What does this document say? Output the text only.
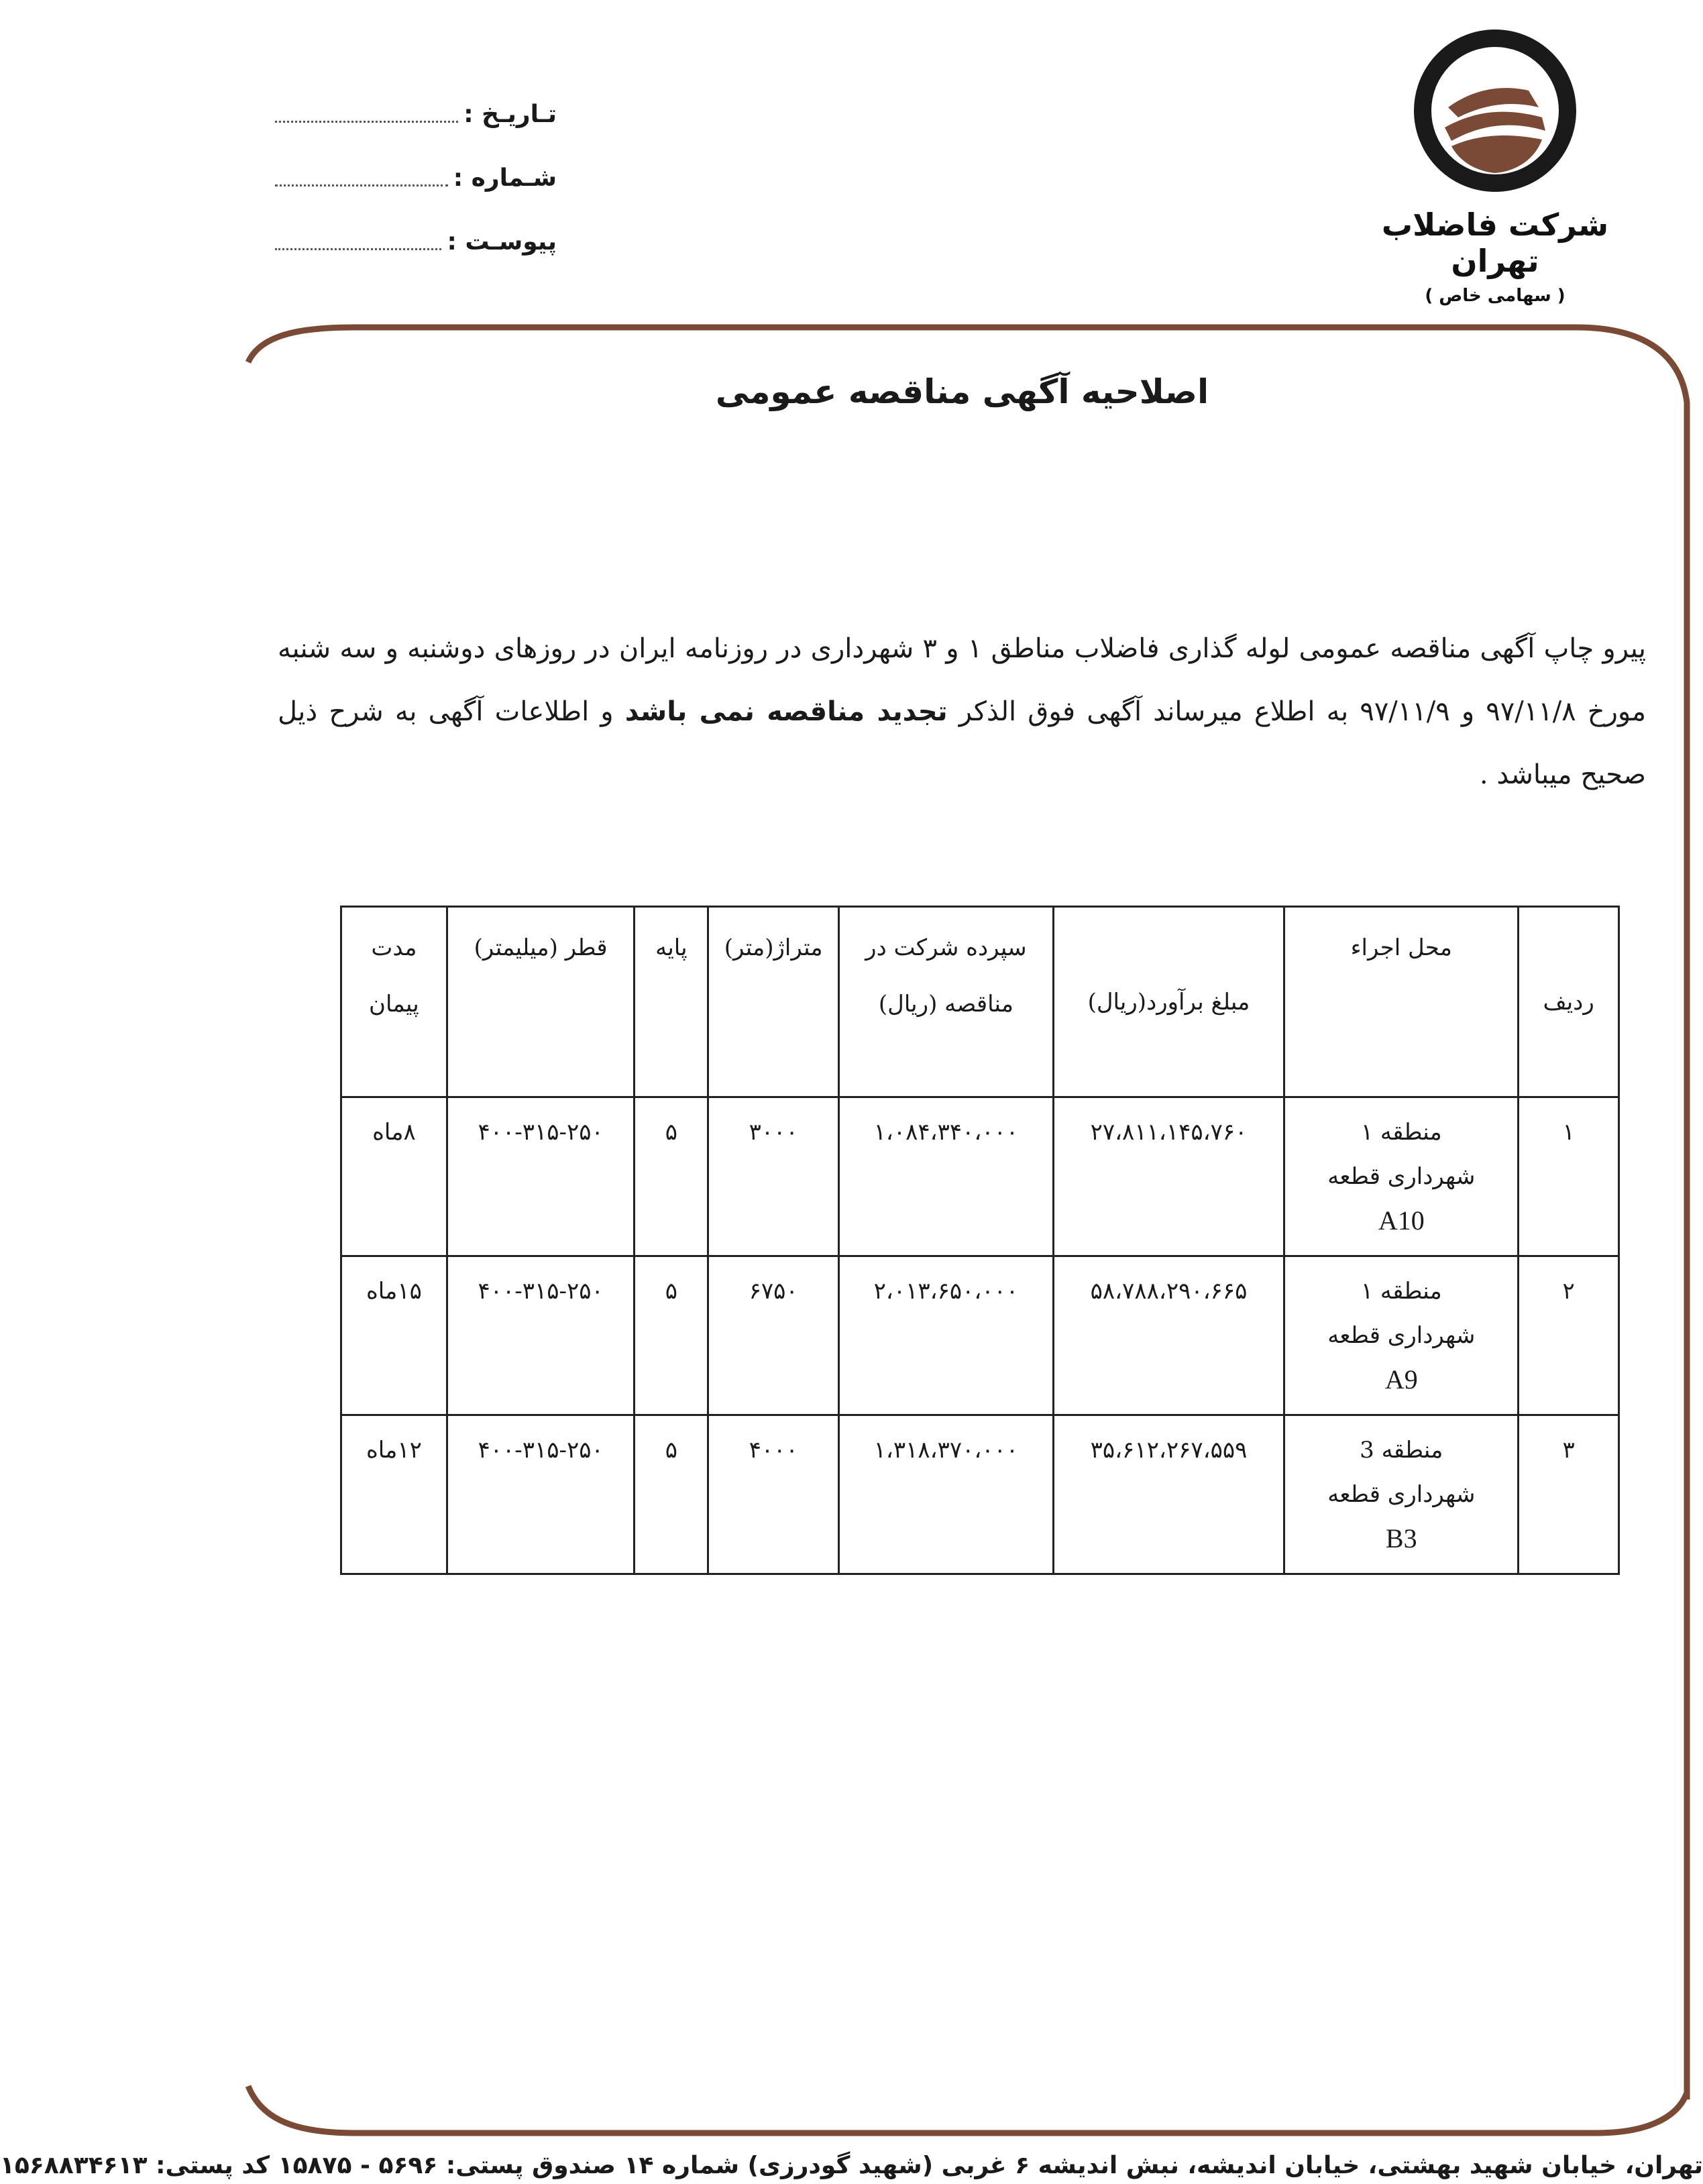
شرکت فاضلاب تهران
( سهامی خاص )
تـاریـخ :
شـماره :
پیوسـت :
اصلاحیه آگهی مناقصه عمومی
پیرو چاپ آگهی مناقصه عمومی لوله گذاری فاضلاب مناطق ۱ و ۳ شهرداری در روزنامه ایران در روزهای دوشنبه و سه شنبه مورخ ۹۷/۱۱/۸ و ۹۷/۱۱/۹ به اطلاع میرساند آگهی فوق الذکر تجدید مناقصه نمی باشد و اطلاعات آگهی به شرح ذیل صحیح میباشد .
ردیف	محل اجراء	مبلغ برآورد(ریال)	سپرده شرکت در مناقصه (ریال)	متراژ(متر)	پایه	قطر (میلیمتر)	مدت پیمان
۱	منطقه ۱
شهرداری قطعه
A10	۲۷،۸۱۱،۱۴۵،۷۶۰	۱،۰۸۴،۳۴۰،۰۰۰	۳۰۰۰	۵	۴۰۰-۳۱۵-۲۵۰	۸ماه
۲	منطقه ۱
شهرداری قطعه
A9	۵۸،۷۸۸،۲۹۰،۶۶۵	۲،۰۱۳،۶۵۰،۰۰۰	۶۷۵۰	۵	۴۰۰-۳۱۵-۲۵۰	۱۵ماه
۳	منطقه 3
شهرداری قطعه
B3	۳۵،۶۱۲،۲۶۷،۵۵۹	۱،۳۱۸،۳۷۰،۰۰۰	۴۰۰۰	۵	۴۰۰-۳۱۵-۲۵۰	۱۲ماه
تهران، خیابان شهید بهشتی، خیابان اندیشه، نبش اندیشه ۶ غربی (شهید گودرزی) شماره ۱۴ صندوق پستی: ۵۶۹۶ - ۱۵۸۷۵ کد پستی: ۱۵۶۸۸۳۴۶۱۳
